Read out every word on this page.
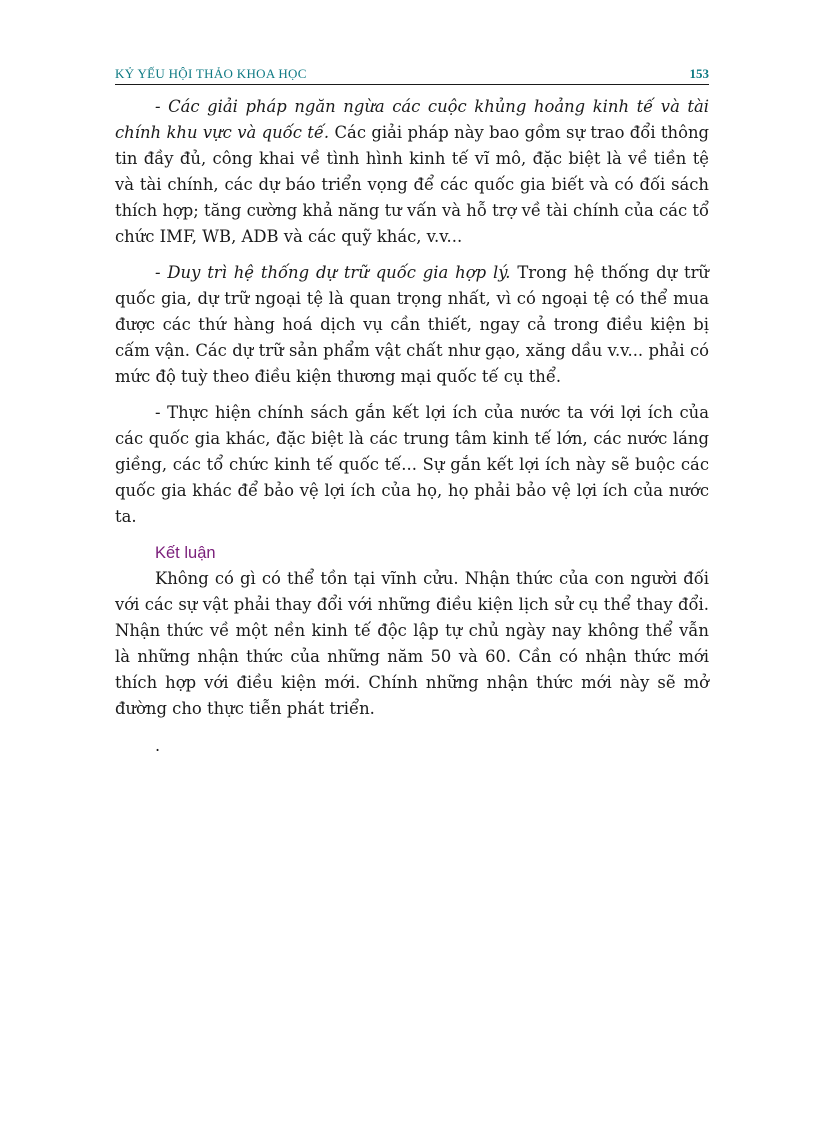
KỶ YẾU HỘI THẢO KHOA HỌC	153

- Các giải pháp ngăn ngừa các cuộc khủng hoảng kinh tế và tài chính khu vực và quốc tế. Các giải pháp này bao gồm sự trao đổi thông tin đầy đủ, công khai về tình hình kinh tế vĩ mô, đặc biệt là về tiền tệ và tài chính, các dự báo triển vọng để các quốc gia biết và có đối sách thích hợp; tăng cường khả năng tư vấn và hỗ trợ về tài chính của các tổ chức IMF, WB, ADB và các quỹ khác, v.v...

- Duy trì hệ thống dự trữ quốc gia hợp lý. Trong hệ thống dự trữ quốc gia, dự trữ ngoại tệ là quan trọng nhất, vì có ngoại tệ có thể mua được các thứ hàng hoá dịch vụ cần thiết, ngay cả trong điều kiện bị cấm vận. Các dự trữ sản phẩm vật chất như gạo, xăng dầu v.v... phải có mức độ tuỳ theo điều kiện thương mại quốc tế cụ thể.

- Thực hiện chính sách gắn kết lợi ích của nước ta với lợi ích của các quốc gia khác, đặc biệt là các trung tâm kinh tế lớn, các nước láng giềng, các tổ chức kinh tế quốc tế... Sự gắn kết lợi ích này sẽ buộc các quốc gia khác để bảo vệ lợi ích của họ, họ phải bảo vệ lợi ích của nước ta.

Kết luận

Không có gì có thể tồn tại vĩnh cửu. Nhận thức của con người đối với các sự vật phải thay đổi với những điều kiện lịch sử cụ thể thay đổi. Nhận thức về một nền kinh tế độc lập tự chủ ngày nay không thể vẫn là những nhận thức của những năm 50 và 60. Cần có nhận thức mới thích hợp với điều kiện mới. Chính những nhận thức mới này sẽ mở đường cho thực tiễn phát triển.

.
